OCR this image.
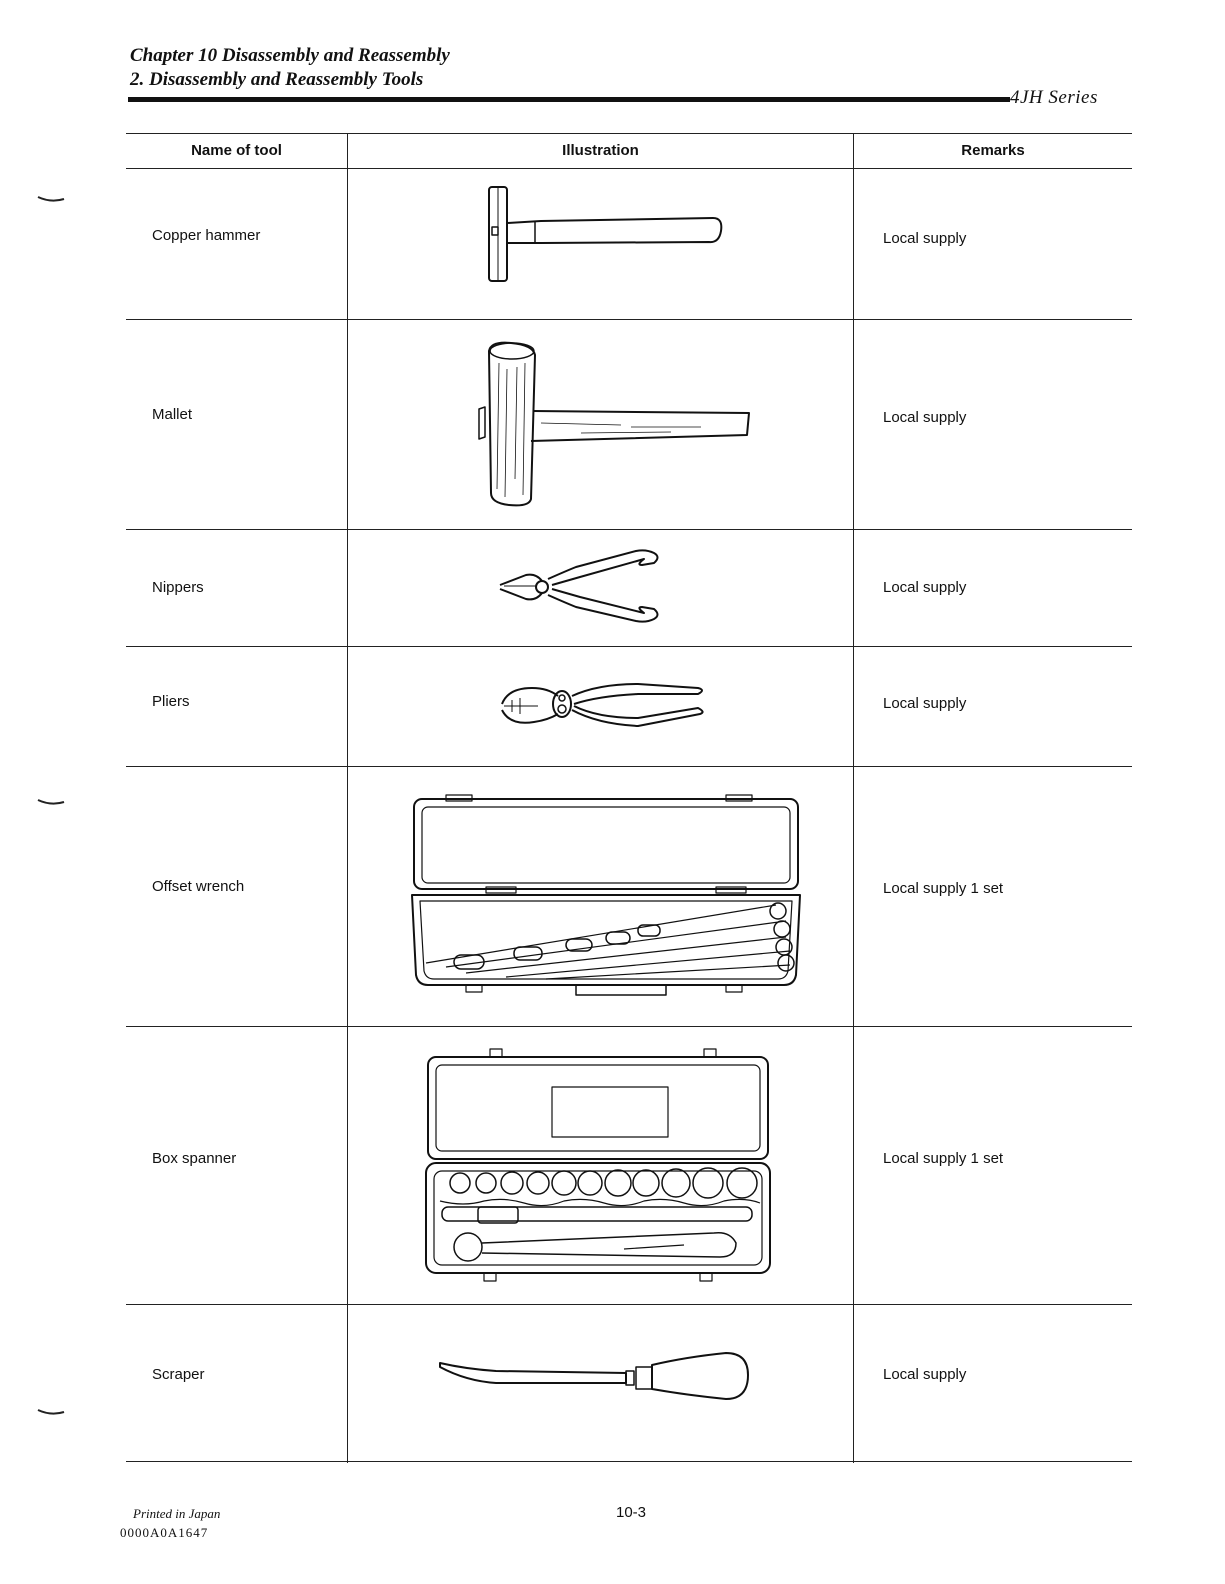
Chapter 10 Disassembly and Reassembly
2. Disassembly and Reassembly Tools
4JH Series
Name of tool	Illustration	Remarks
Copper hammer	Local supply
Mallet	Local supply
Nippers	Local supply
Pliers	Local supply
Offset wrench	Local supply 1 set
Box spanner	Local supply 1 set
Scraper	Local supply
Printed in Japan
0000A0A1647
10-3
